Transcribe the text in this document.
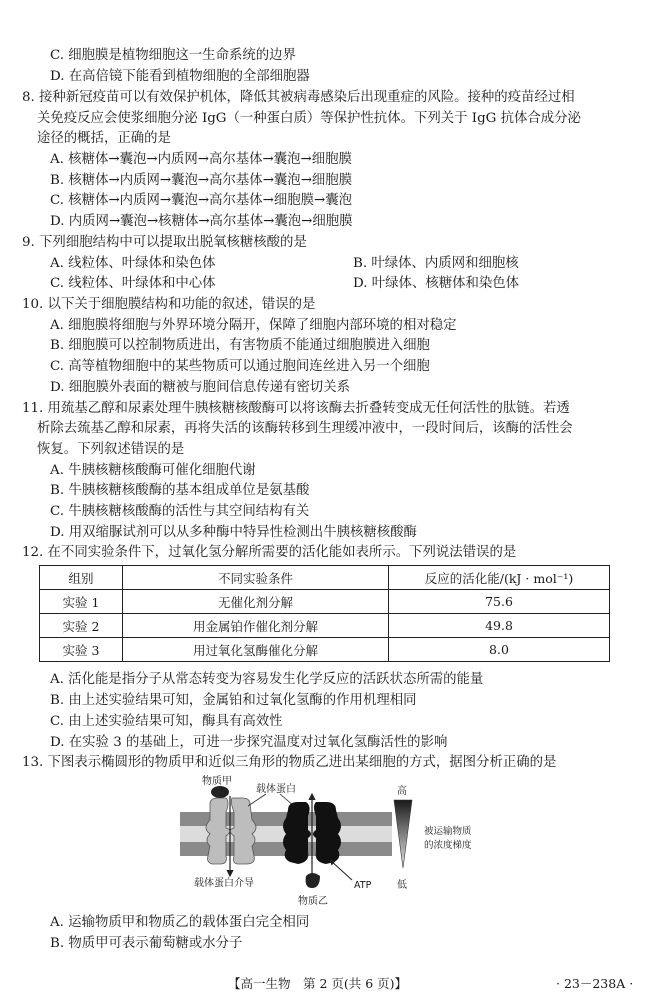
C. 细胞膜是植物细胞这一生命系统的边界
D. 在高倍镜下能看到植物细胞的全部细胞器
8. 接种新冠疫苗可以有效保护机体，降低其被病毒感染后出现重症的风险。接种的疫苗经过相
关免疫反应会使浆细胞分泌 IgG（一种蛋白质）等保护性抗体。下列关于 IgG 抗体合成分泌
途径的概括，正确的是
A. 核糖体→囊泡→内质网→高尔基体→囊泡→细胞膜
B. 核糖体→内质网→囊泡→高尔基体→囊泡→细胞膜
C. 核糖体→内质网→囊泡→高尔基体→细胞膜→囊泡
D. 内质网→囊泡→核糖体→高尔基体→囊泡→细胞膜
9. 下列细胞结构中可以提取出脱氧核糖核酸的是
A. 线粒体、叶绿体和染色体	B. 叶绿体、内质网和细胞核
C. 线粒体、叶绿体和中心体	D. 叶绿体、核糖体和染色体
10. 以下关于细胞膜结构和功能的叙述，错误的是
A. 细胞膜将细胞与外界环境分隔开，保障了细胞内部环境的相对稳定
B. 细胞膜可以控制物质进出，有害物质不能通过细胞膜进入细胞
C. 高等植物细胞中的某些物质可以通过胞间连丝进入另一个细胞
D. 细胞膜外表面的糖被与胞间信息传递有密切关系
11. 用巯基乙醇和尿素处理牛胰核糖核酸酶可以将该酶去折叠转变成无任何活性的肽链。若透
析除去巯基乙醇和尿素，再将失活的该酶转移到生理缓冲液中，一段时间后，该酶的活性会
恢复。下列叙述错误的是
A. 牛胰核糖核酸酶可催化细胞代谢
B. 牛胰核糖核酸酶的基本组成单位是氨基酸
C. 牛胰核糖核酸酶的活性与其空间结构有关
D. 用双缩脲试剂可以从多种酶中特异性检测出牛胰核糖核酸酶
12. 在不同实验条件下，过氧化氢分解所需要的活化能如表所示。下列说法错误的是
组别	不同实验条件	反应的活化能/(kJ · mol⁻¹)
实验 1	无催化剂分解	75.6
实验 2	用金属铂作催化剂分解	49.8
实验 3	用过氧化氢酶催化分解	8.0
A. 活化能是指分子从常态转变为容易发生化学反应的活跃状态所需的能量
B. 由上述实验结果可知，金属铂和过氧化氢酶的作用机理相同
C. 由上述实验结果可知，酶具有高效性
D. 在实验 3 的基础上，可进一步探究温度对过氧化氢酶活性的影响
13. 下图表示椭圆形的物质甲和近似三角形的物质乙进出某细胞的方式，据图分析正确的是
物质甲
载体蛋白
载体蛋白介导
物质乙
ATP
高
低
被运输物质
的浓度梯度
A. 运输物质甲和物质乙的载体蛋白完全相同
B. 物质甲可表示葡萄糖或水分子
【高一生物　第 2 页(共 6 页)】	· 23－238A ·
